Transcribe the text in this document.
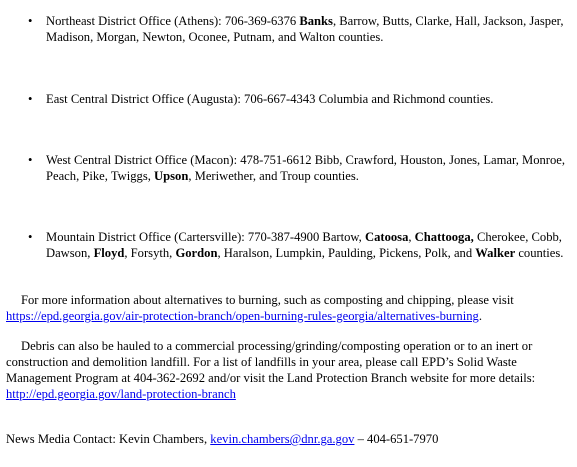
• Northeast District Office (Athens): 706-369-6376 Banks, Barrow, Butts, Clarke, Hall, Jackson, Jasper, Madison, Morgan, Newton, Oconee, Putnam, and Walton counties.
• East Central District Office (Augusta): 706-667-4343 Columbia and Richmond counties.
• West Central District Office (Macon): 478-751-6612 Bibb, Crawford, Houston, Jones, Lamar, Monroe, Peach, Pike, Twiggs, Upson, Meriwether, and Troup counties.
• Mountain District Office (Cartersville): 770-387-4900 Bartow, Catoosa, Chattooga, Cherokee, Cobb, Dawson, Floyd, Forsyth, Gordon, Haralson, Lumpkin, Paulding, Pickens, Polk, and Walker counties.

For more information about alternatives to burning, such as composting and chipping, please visit https://epd.georgia.gov/air-protection-branch/open-burning-rules-georgia/alternatives-burning.

Debris can also be hauled to a commercial processing/grinding/composting operation or to an inert or construction and demolition landfill. For a list of landfills in your area, please call EPD’s Solid Waste Management Program at 404-362-2692 and/or visit the Land Protection Branch website for more details: http://epd.georgia.gov/land-protection-branch

News Media Contact: Kevin Chambers, kevin.chambers@dnr.ga.gov – 404-651-7970
